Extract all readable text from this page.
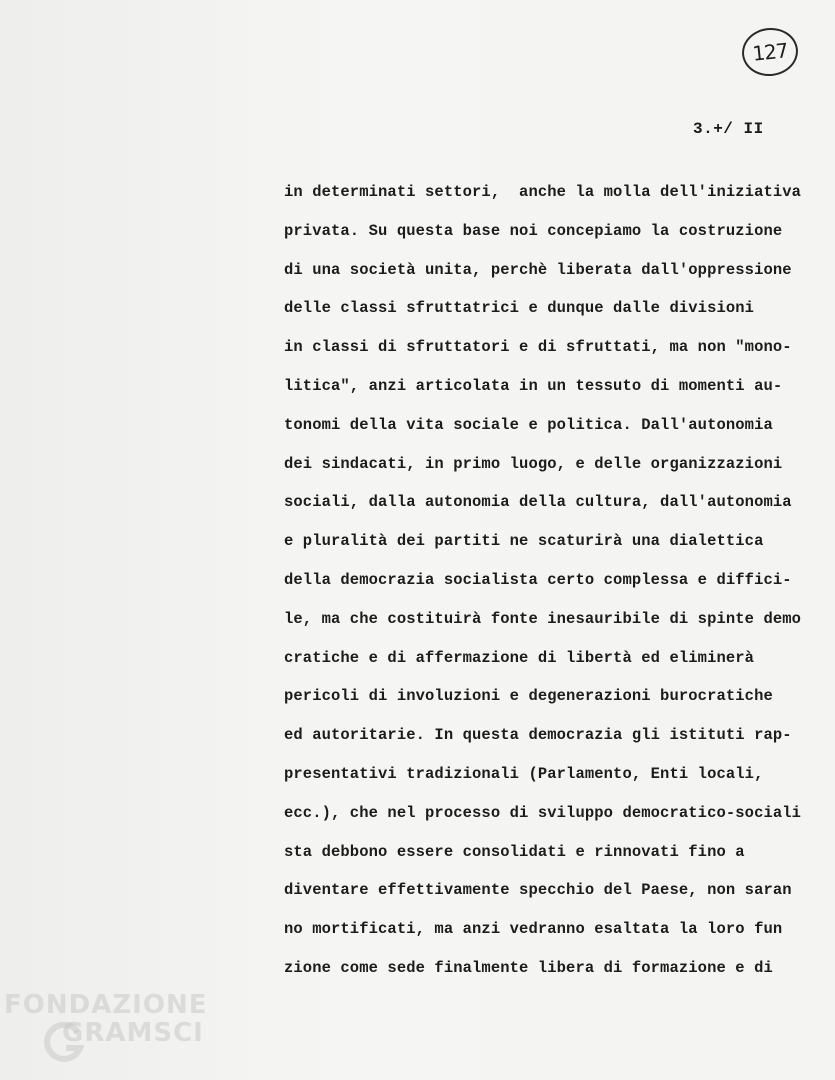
127
3.+/ II
in determinati settori,  anche la molla dell'iniziativa
privata. Su questa base noi concepiamo la costruzione
di una società unita, perchè liberata dall'oppressione
delle classi sfruttatrici e dunque dalle divisioni
in classi di sfruttatori e di sfruttati, ma non "mono-
litica", anzi articolata in un tessuto di momenti au-
tonomi della vita sociale e politica. Dall'autonomia
dei sindacati, in primo luogo, e delle organizzazioni
sociali, dalla autonomia della cultura, dall'autonomia
e pluralità dei partiti ne scaturirà una dialettica
della democrazia socialista certo complessa e diffici-
le, ma che costituirà fonte inesauribile di spinte demo
cratiche e di affermazione di libertà ed eliminerà
pericoli di involuzioni e degenerazioni burocratiche
ed autoritarie. In questa democrazia gli istituti rap-
presentativi tradizionali (Parlamento, Enti locali,
ecc.), che nel processo di sviluppo democratico-sociali
sta debbono essere consolidati e rinnovati fino a
diventare effettivamente specchio del Paese, non saran
no mortificati, ma anzi vedranno esaltata la loro fun
zione come sede finalmente libera di formazione e di
FONDAZIONE
GRAMSCI
